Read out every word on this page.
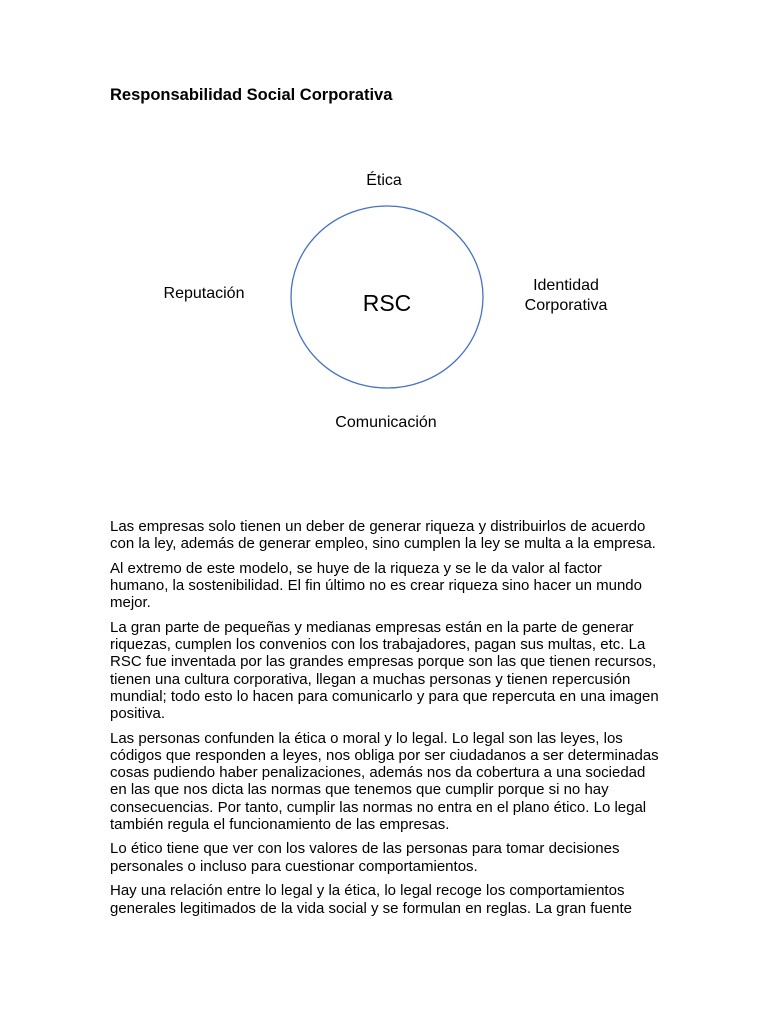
Responsabilidad Social Corporativa
Ética
Reputación	Identidad Corporativa
Comunicación
RSC

Las empresas solo tienen un deber de generar riqueza y distribuirlos de acuerdo con la ley, además de generar empleo, sino cumplen la ley se multa a la empresa.

Al extremo de este modelo, se huye de la riqueza y se le da valor al factor humano, la sostenibilidad. El fin último no es crear riqueza sino hacer un mundo mejor.

La gran parte de pequeñas y medianas empresas están en la parte de generar riquezas, cumplen los convenios con los trabajadores, pagan sus multas, etc. La RSC fue inventada por las grandes empresas porque son las que tienen recursos, tienen una cultura corporativa, llegan a muchas personas y tienen repercusión mundial; todo esto lo hacen para comunicarlo y para que repercuta en una imagen positiva.

Las personas confunden la ética o moral y lo legal. Lo legal son las leyes, los códigos que responden a leyes, nos obliga por ser ciudadanos a ser determinadas cosas pudiendo haber penalizaciones, además nos da cobertura a una sociedad en las que nos dicta las normas que tenemos que cumplir porque si no hay consecuencias. Por tanto, cumplir las normas no entra en el plano ético. Lo legal también regula el funcionamiento de las empresas.

Lo ético tiene que ver con los valores de las personas para tomar decisiones personales o incluso para cuestionar comportamientos.

Hay una relación entre lo legal y la ética, lo legal recoge los comportamientos generales legitimados de la vida social y se formulan en reglas. La gran fuente
